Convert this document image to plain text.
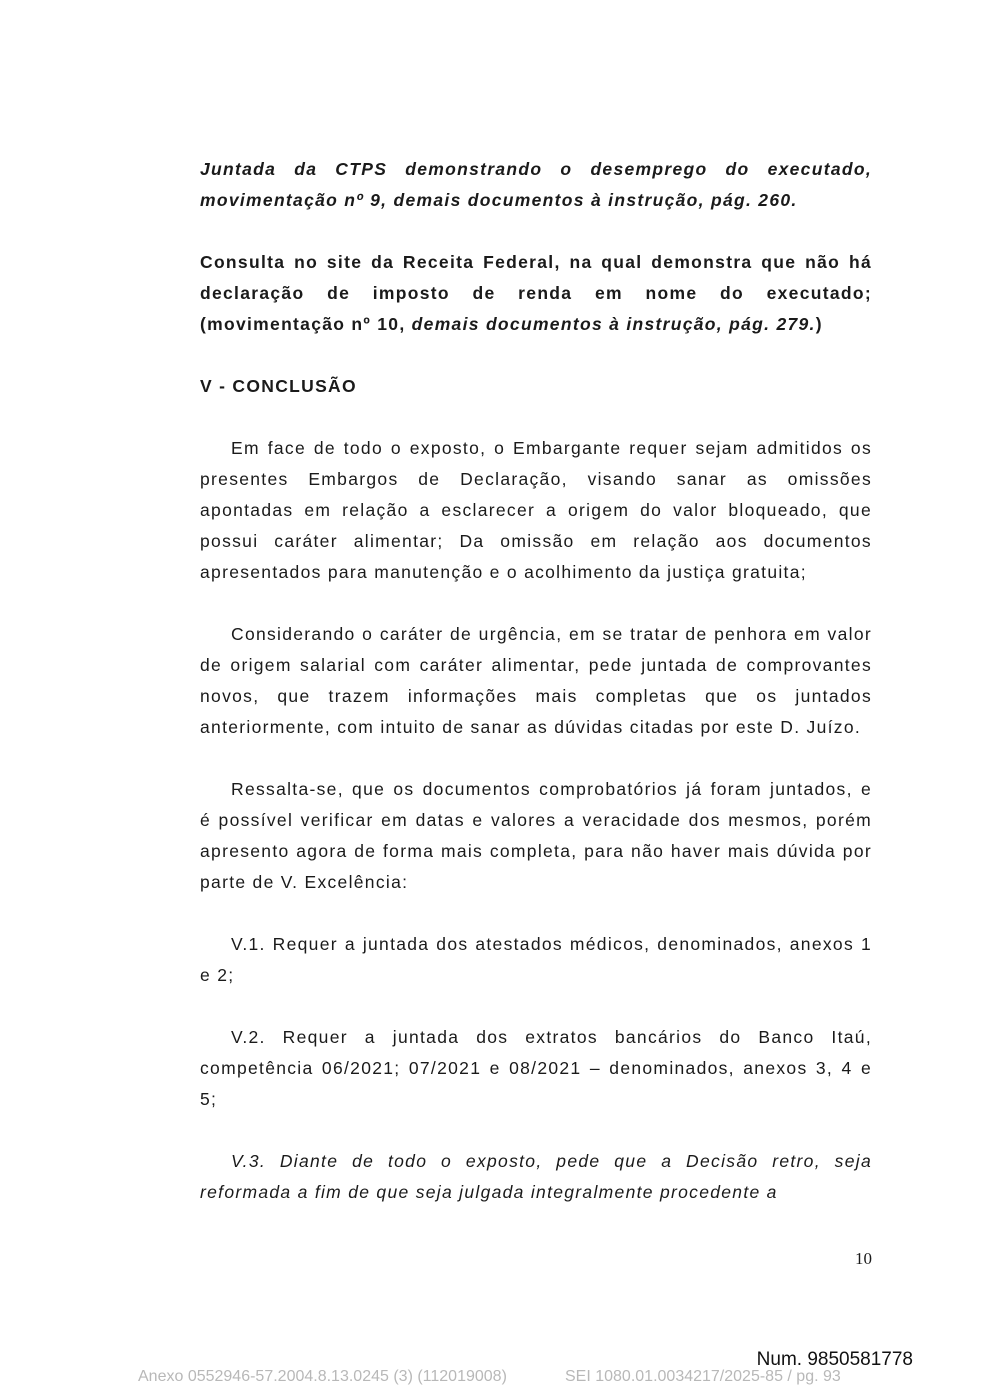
Juntada da CTPS demonstrando o desemprego do executado, movimentação nº 9, demais documentos à instrução, pág. 260.

Consulta no site da Receita Federal, na qual demonstra que não há declaração de imposto de renda em nome do executado; (movimentação nº 10, demais documentos à instrução, pág. 279.)

V - CONCLUSÃO

Em face de todo o exposto, o Embargante requer sejam admitidos os presentes Embargos de Declaração, visando sanar as omissões apontadas em relação a esclarecer a origem do valor bloqueado, que possui caráter alimentar; Da omissão em relação aos documentos apresentados para manutenção e o acolhimento da justiça gratuita;

Considerando o caráter de urgência, em se tratar de penhora em valor de origem salarial com caráter alimentar, pede juntada de comprovantes novos, que trazem informações mais completas que os juntados anteriormente, com intuito de sanar as dúvidas citadas por este D. Juízo.

Ressalta-se, que os documentos comprobatórios já foram juntados, e é possível verificar em datas e valores a veracidade dos mesmos, porém apresento agora de forma mais completa, para não haver mais dúvida por parte de V. Excelência:

V.1. Requer a juntada dos atestados médicos, denominados, anexos 1 e 2;

V.2. Requer a juntada dos extratos bancários do Banco Itaú, competência 06/2021; 07/2021 e 08/2021 – denominados, anexos 3, 4 e 5;

V.3. Diante de todo o exposto, pede que a Decisão retro, seja reformada a fim de que seja julgada integralmente procedente a

10
Num. 9850581778
Anexo 0552946-57.2004.8.13.0245 (3) (112019008)	SEI 1080.01.0034217/2025-85 / pg. 93
